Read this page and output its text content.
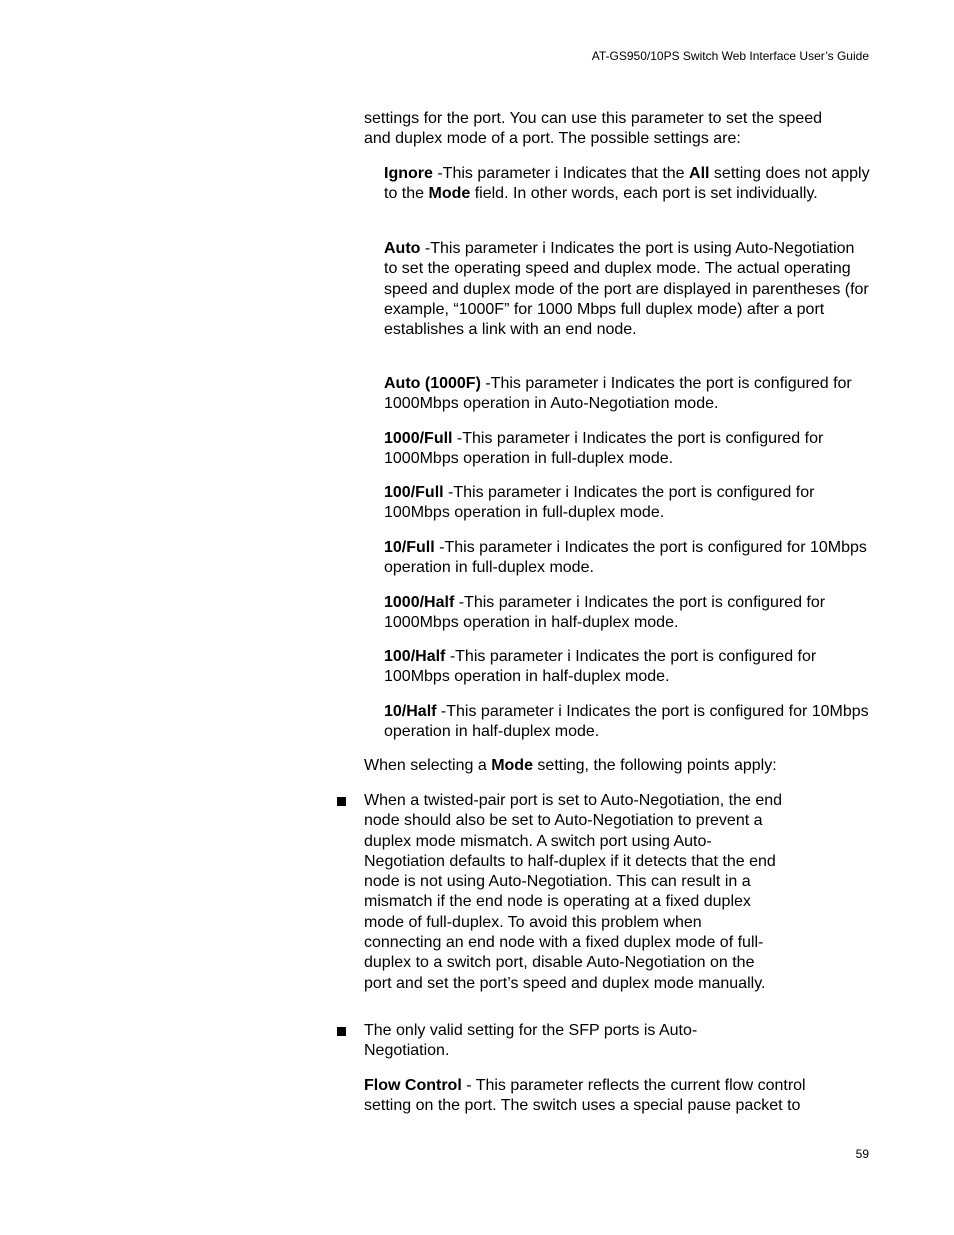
AT-GS950/10PS Switch Web Interface User’s Guide
settings for the port. You can use this parameter to set the speed
and duplex mode of a port. The possible settings are:
Ignore -This parameter i Indicates that the All setting does not apply to the Mode field. In other words, each port is set individually.
Auto -This parameter i Indicates the port is using Auto-Negotiation to set the operating speed and duplex mode. The actual operating speed and duplex mode of the port are displayed in parentheses (for example, “1000F” for 1000 Mbps full duplex mode) after a port establishes a link with an end node.
Auto (1000F) -This parameter i Indicates the port is configured for 1000Mbps operation in Auto-Negotiation mode.
1000/Full -This parameter i Indicates the port is configured for 1000Mbps operation in full-duplex mode.
100/Full -This parameter i Indicates the port is configured for 100Mbps operation in full-duplex mode.
10/Full -This parameter i Indicates the port is configured for 10Mbps operation in full-duplex mode.
1000/Half -This parameter i Indicates the port is configured for 1000Mbps operation in half-duplex mode.
100/Half -This parameter i Indicates the port is configured for 100Mbps operation in half-duplex mode.
10/Half -This parameter i Indicates the port is configured for 10Mbps operation in half-duplex mode.
When selecting a Mode setting, the following points apply:
When a twisted-pair port is set to Auto-Negotiation, the end node should also be set to Auto-Negotiation to prevent a duplex mode mismatch. A switch port using Auto-Negotiation defaults to half-duplex if it detects that the end node is not using Auto-Negotiation. This can result in a mismatch if the end node is operating at a fixed duplex mode of full-duplex. To avoid this problem when connecting an end node with a fixed duplex mode of full-duplex to a switch port, disable Auto-Negotiation on the port and set the port’s speed and duplex mode manually.
The only valid setting for the SFP ports is Auto-Negotiation.
Flow Control - This parameter reflects the current flow control setting on the port. The switch uses a special pause packet to
59
